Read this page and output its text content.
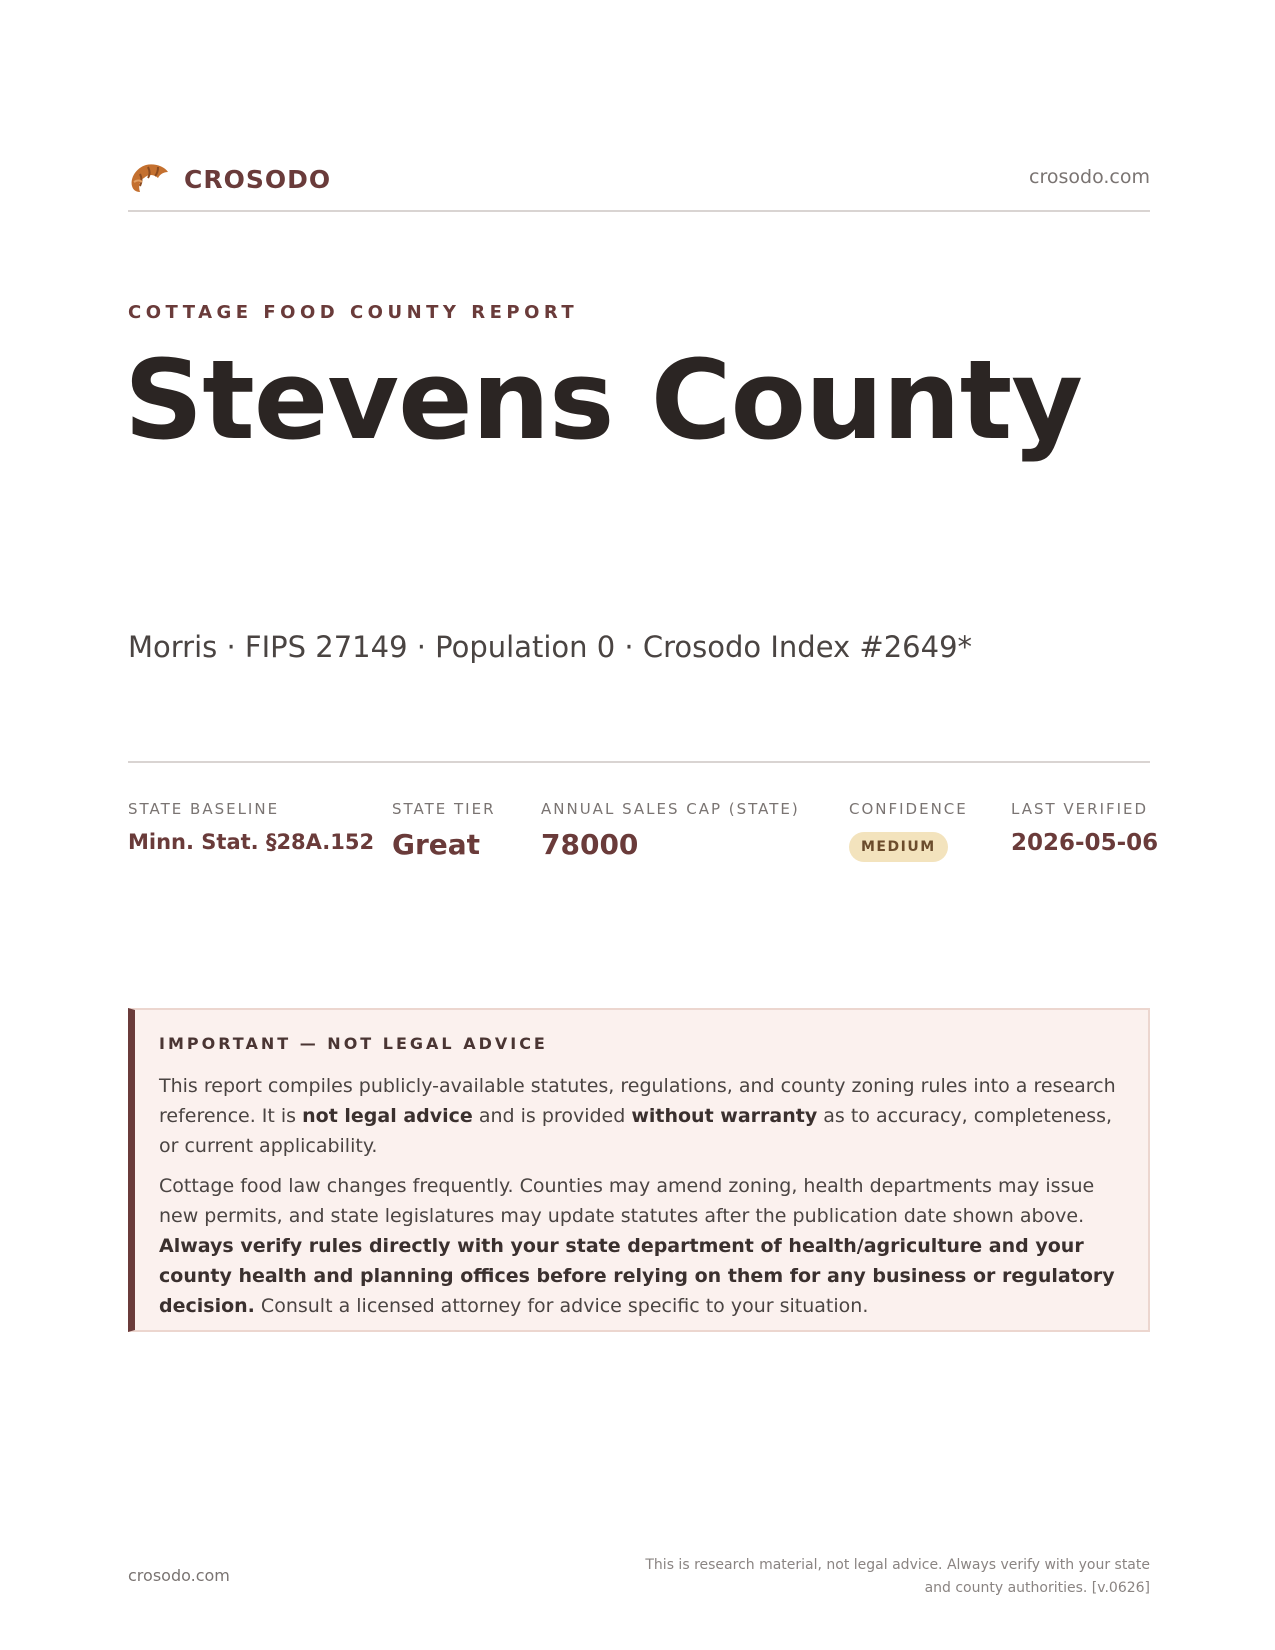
CROSODO	crosodo.com
COTTAGE FOOD COUNTY REPORT
Stevens County
Morris · FIPS 27149 · Population 0 · Crosodo Index #2649*
STATE BASELINE
Minn. Stat. §28A.152
STATE TIER
Great
ANNUAL SALES CAP (STATE)
78000
CONFIDENCE
MEDIUM
LAST VERIFIED
2026-05-06
IMPORTANT — NOT LEGAL ADVICE

This report compiles publicly-available statutes, regulations, and county zoning rules into a research reference. It is not legal advice and is provided without warranty as to accuracy, completeness, or current applicability.

Cottage food law changes frequently. Counties may amend zoning, health departments may issue new permits, and state legislatures may update statutes after the publication date shown above. Always verify rules directly with your state department of health/agriculture and your county health and planning offices before relying on them for any business or regulatory decision. Consult a licensed attorney for advice specific to your situation.

crosodo.com
This is research material, not legal advice. Always verify with your state
and county authorities. [v.0626]
